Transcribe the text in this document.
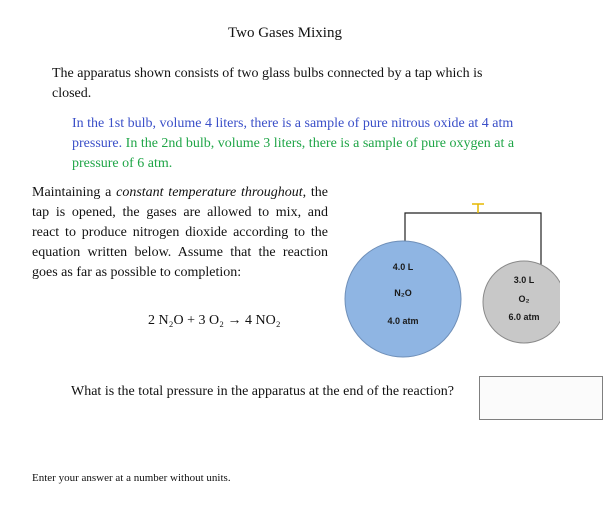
Two Gases Mixing
The apparatus shown consists of two glass bulbs connected by a tap which is closed.
In the 1st bulb, volume 4 liters, there is a sample of pure nitrous oxide at 4 atm pressure. In the 2nd bulb, volume 3 liters, there is a sample of pure oxygen at a pressure of 6 atm.
Maintaining a constant temperature throughout, the tap is opened, the gases are allowed to mix, and react to produce nitrogen dioxide according to the equation written below. Assume that the reaction goes as far as possible to completion:
2 N₂O + 3 O₂ → 4 NO₂
4.0 L
N₂O
4.0 atm
3.0 L
O₂
6.0 atm
What is the total pressure in the apparatus at the end of the reaction?
Enter your answer at a number without units.
